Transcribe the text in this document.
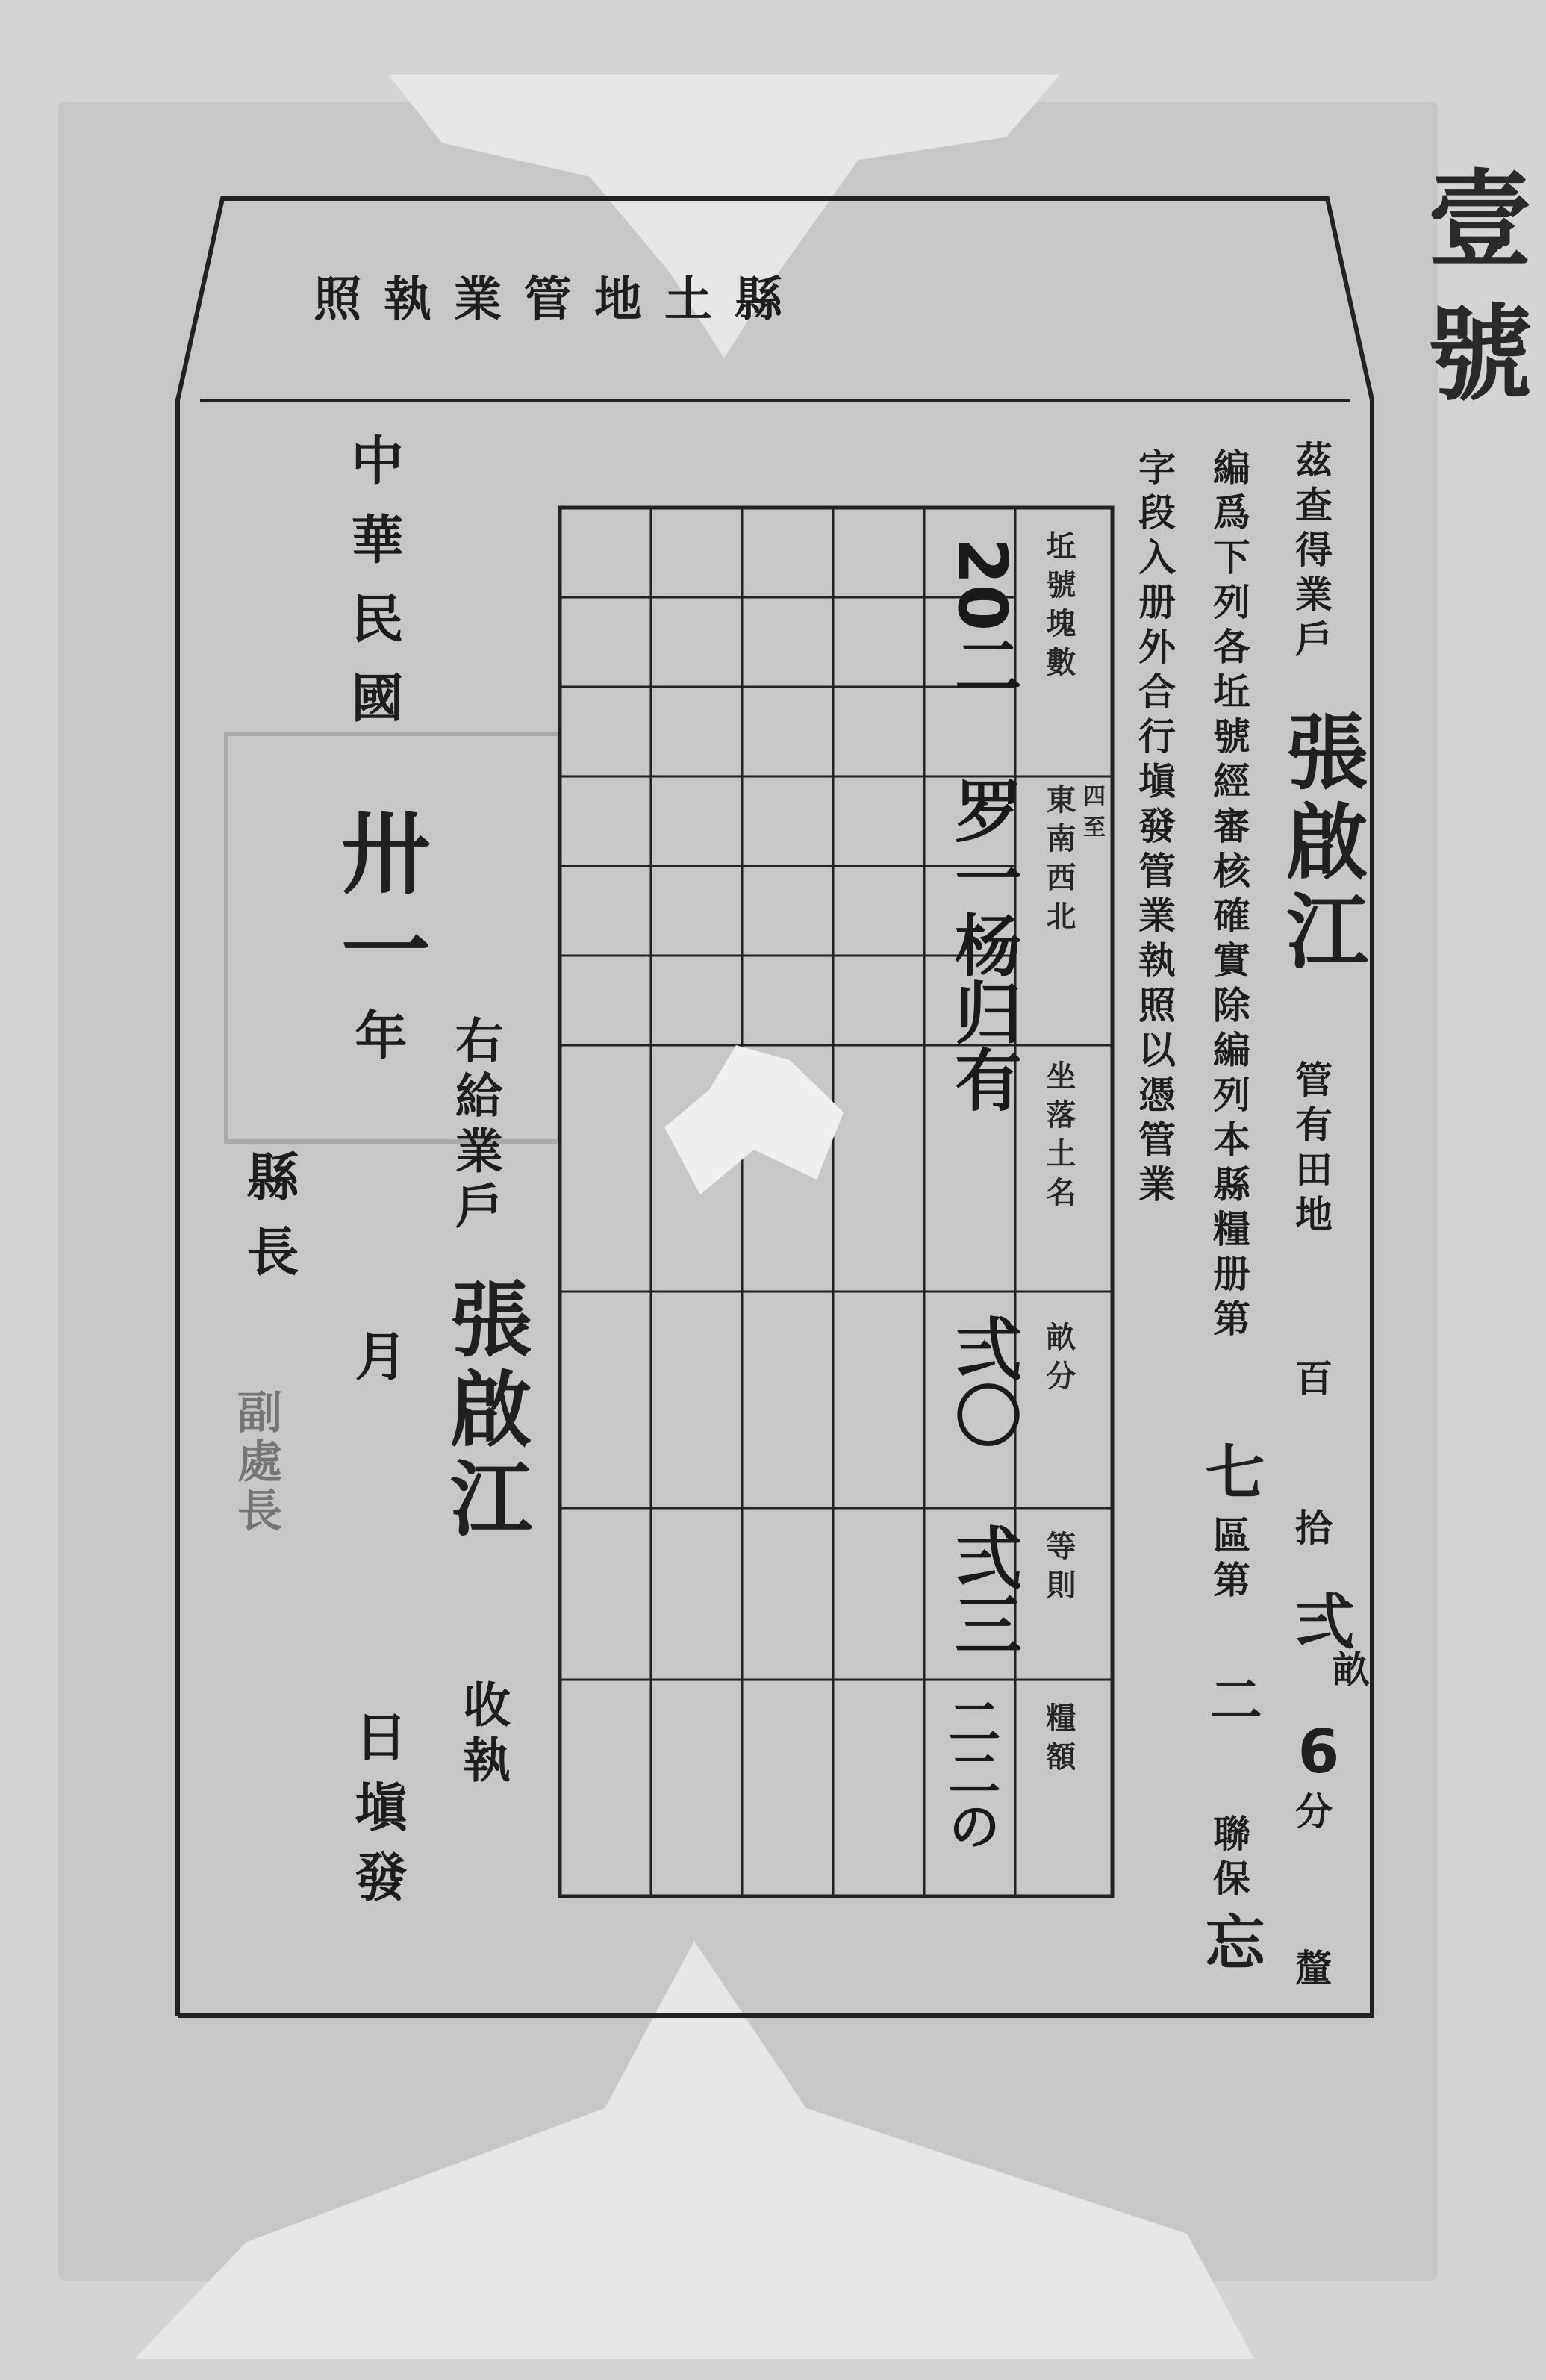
壹號
縣土地管業執照
茲查得業戶
張啟江
管有田地
百
拾
弍
畝
6
分
釐
編爲下列各坵號經審核確實除編列本縣糧册第
七
區第
二
聯保
忘
字段入册外合行塡發管業執照以憑管業
坵號塊數
東南西北 四至
坐落土名
畝分
等則
糧額
20二
罗一杨归有
弍〇
弍三
二二の
右給業戶
張啟江
收執
中華民國
卅一
年
月
日塡發
縣長
副處長
